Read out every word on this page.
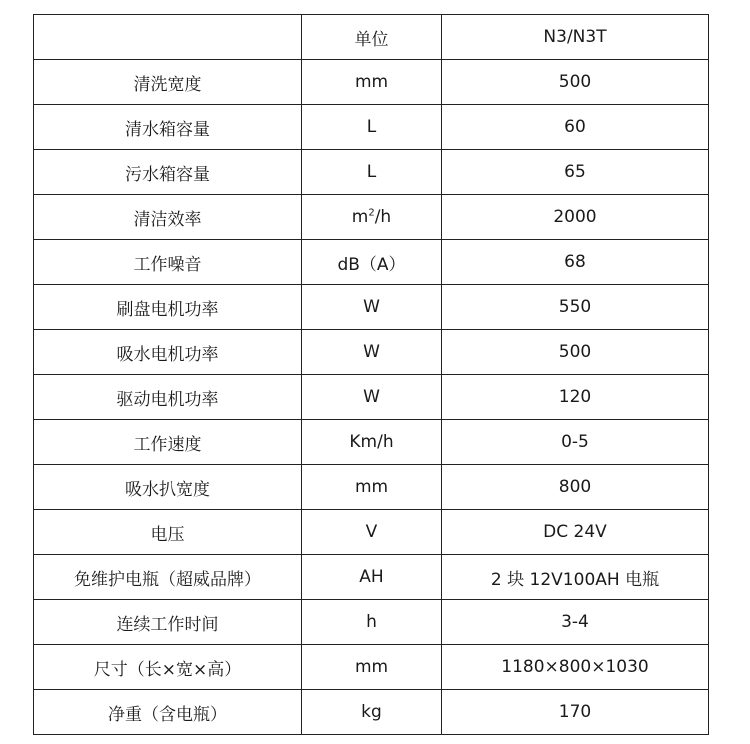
	单位	N3/N3T
清洗宽度	mm	500
清水箱容量	L	60
污水箱容量	L	65
清洁效率	$m^2/h$	2000
工作噪音	dB（A）	68
刷盘电机功率	W	550
吸水电机功率	W	500
驱动电机功率	W	120
工作速度	Km/h	0-5
吸水扒宽度	mm	800
电压	V	DC 24V
免维护电瓶（超威品牌）	AH	2 块 12V100AH 电瓶
连续工作时间	h	3-4
尺寸（长×宽×高）	mm	1180×800×1030
净重（含电瓶）	kg	170
